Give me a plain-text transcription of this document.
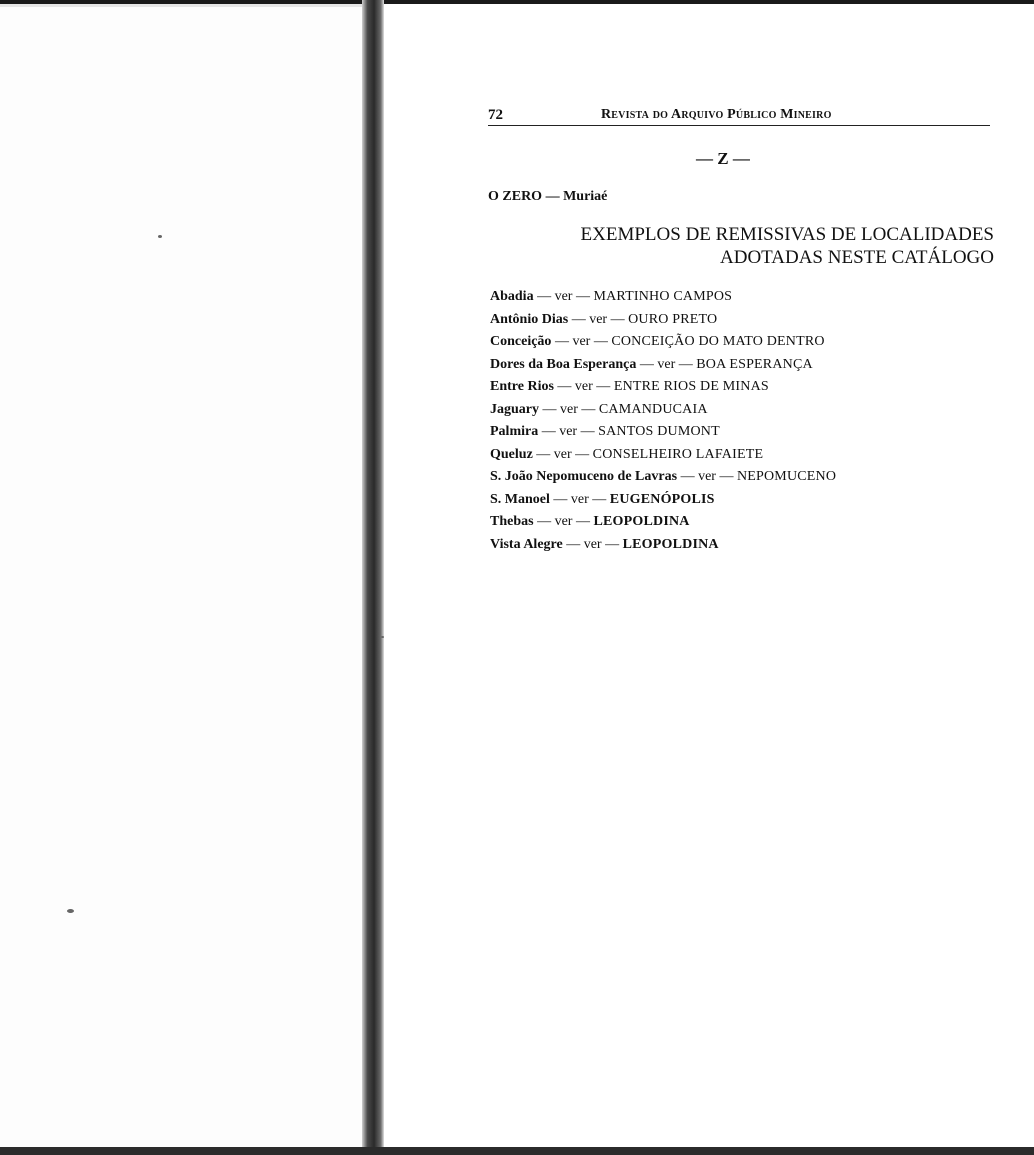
72	Revista do Arquivo Público Mineiro
— Z —
O ZERO — Muriaé
EXEMPLOS DE REMISSIVAS DE LOCALIDADES
ADOTADAS NESTE CATÁLOGO
Abadia — ver — MARTINHO CAMPOS
Antônio Dias — ver — OURO PRETO
Conceição — ver — CONCEIÇÃO DO MATO DENTRO
Dores da Boa Esperança — ver — BOA ESPERANÇA
Entre Rios — ver — ENTRE RIOS DE MINAS
Jaguary — ver — CAMANDUCAIA
Palmira — ver — SANTOS DUMONT
Queluz — ver — CONSELHEIRO LAFAIETE
S. João Nepomuceno de Lavras — ver — NEPOMUCENO
S. Manoel — ver — EUGENÓPOLIS
Thebas — ver — LEOPOLDINA
Vista Alegre — ver — LEOPOLDINA
